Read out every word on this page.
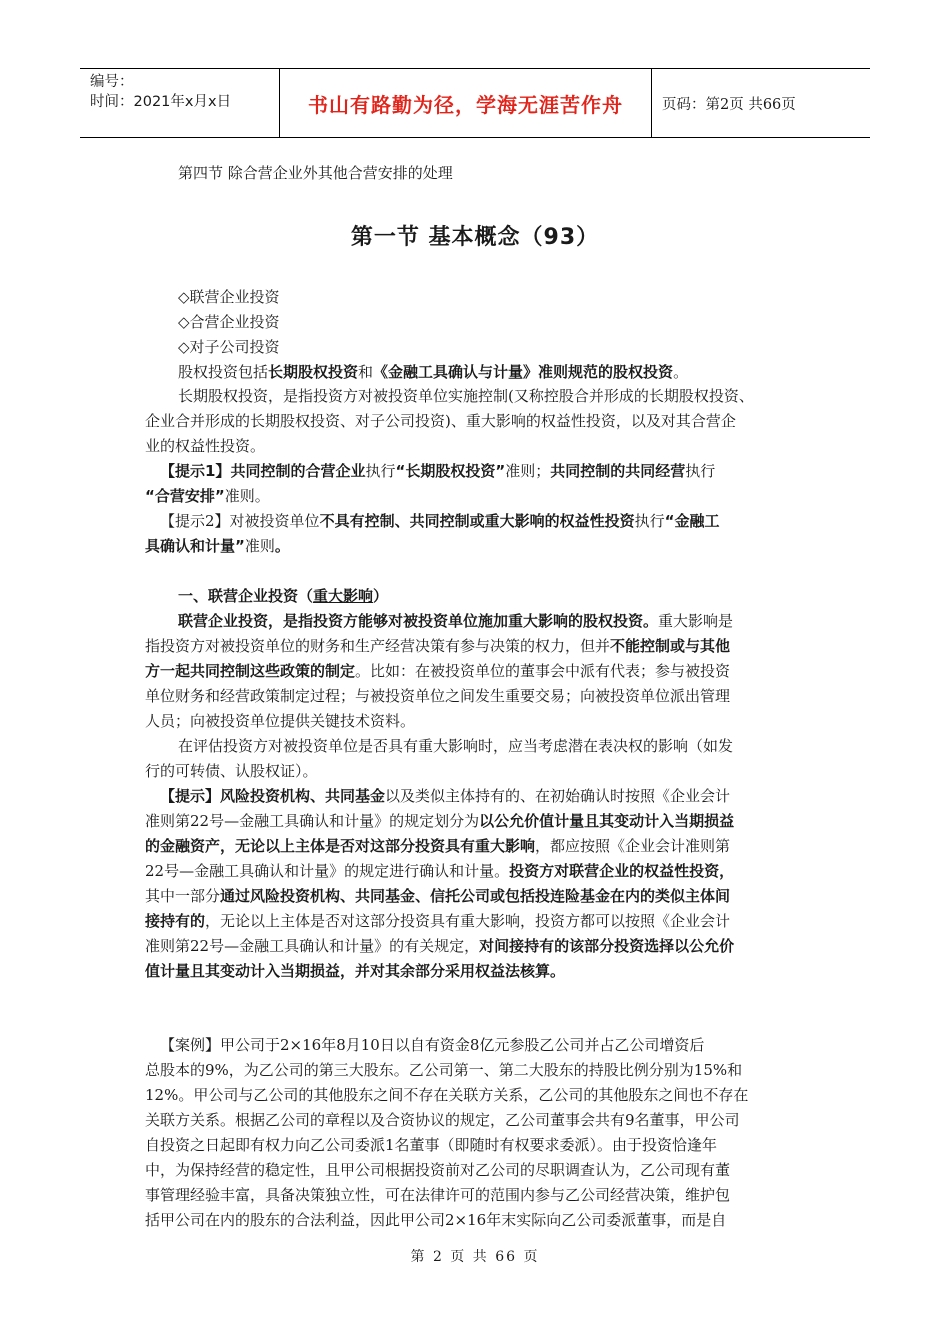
编号：
时间：2021年x月x日	书山有路勤为径，学海无涯苦作舟	页码：第2页 共66页
第四节 除合营企业外其他合营安排的处理
第一节 基本概念（93）
◇联营企业投资
◇合营企业投资
◇对子公司投资
股权投资包括长期股权投资和《金融工具确认与计量》准则规范的股权投资。
长期股权投资，是指投资方对被投资单位实施控制(又称控股合并形成的长期股权投资、
企业合并形成的长期股权投资、对子公司投资)、重大影响的权益性投资，以及对其合营企
业的权益性投资。
【提示1】共同控制的合营企业执行“长期股权投资”准则；共同控制的共同经营执行
“合营安排”准则。
【提示2】对被投资单位不具有控制、共同控制或重大影响的权益性投资执行“金融工
具确认和计量”准则。
一、联营企业投资（重大影响）
联营企业投资，是指投资方能够对被投资单位施加重大影响的股权投资。重大影响是
指投资方对被投资单位的财务和生产经营决策有参与决策的权力，但并不能控制或与其他
方一起共同控制这些政策的制定。比如：在被投资单位的董事会中派有代表；参与被投资
单位财务和经营政策制定过程；与被投资单位之间发生重要交易；向被投资单位派出管理
人员；向被投资单位提供关键技术资料。
在评估投资方对被投资单位是否具有重大影响时，应当考虑潜在表决权的影响（如发
行的可转债、认股权证）。
【提示】风险投资机构、共同基金以及类似主体持有的、在初始确认时按照《企业会计
准则第22号—金融工具确认和计量》的规定划分为以公允价值计量且其变动计入当期损益
的金融资产，无论以上主体是否对这部分投资具有重大影响，都应按照《企业会计准则第
22号—金融工具确认和计量》的规定进行确认和计量。投资方对联营企业的权益性投资，
其中一部分通过风险投资机构、共同基金、信托公司或包括投连险基金在内的类似主体间
接持有的，无论以上主体是否对这部分投资具有重大影响，投资方都可以按照《企业会计
准则第22号—金融工具确认和计量》的有关规定，对间接持有的该部分投资选择以公允价
值计量且其变动计入当期损益，并对其余部分采用权益法核算。
【案例】甲公司于2×16年8月10日以自有资金8亿元参股乙公司并占乙公司增资后
总股本的9%，为乙公司的第三大股东。乙公司第一、第二大股东的持股比例分别为15%和
12%。甲公司与乙公司的其他股东之间不存在关联方关系，乙公司的其他股东之间也不存在
关联方关系。根据乙公司的章程以及合资协议的规定，乙公司董事会共有9名董事，甲公司
自投资之日起即有权力向乙公司委派1名董事（即随时有权要求委派）。由于投资恰逢年
中，为保持经营的稳定性，且甲公司根据投资前对乙公司的尽职调查认为，乙公司现有董
事管理经验丰富，具备决策独立性，可在法律许可的范围内参与乙公司经营决策，维护包
括甲公司在内的股东的合法利益，因此甲公司2×16年末实际向乙公司委派董事，而是自
第 2 页 共 66 页
